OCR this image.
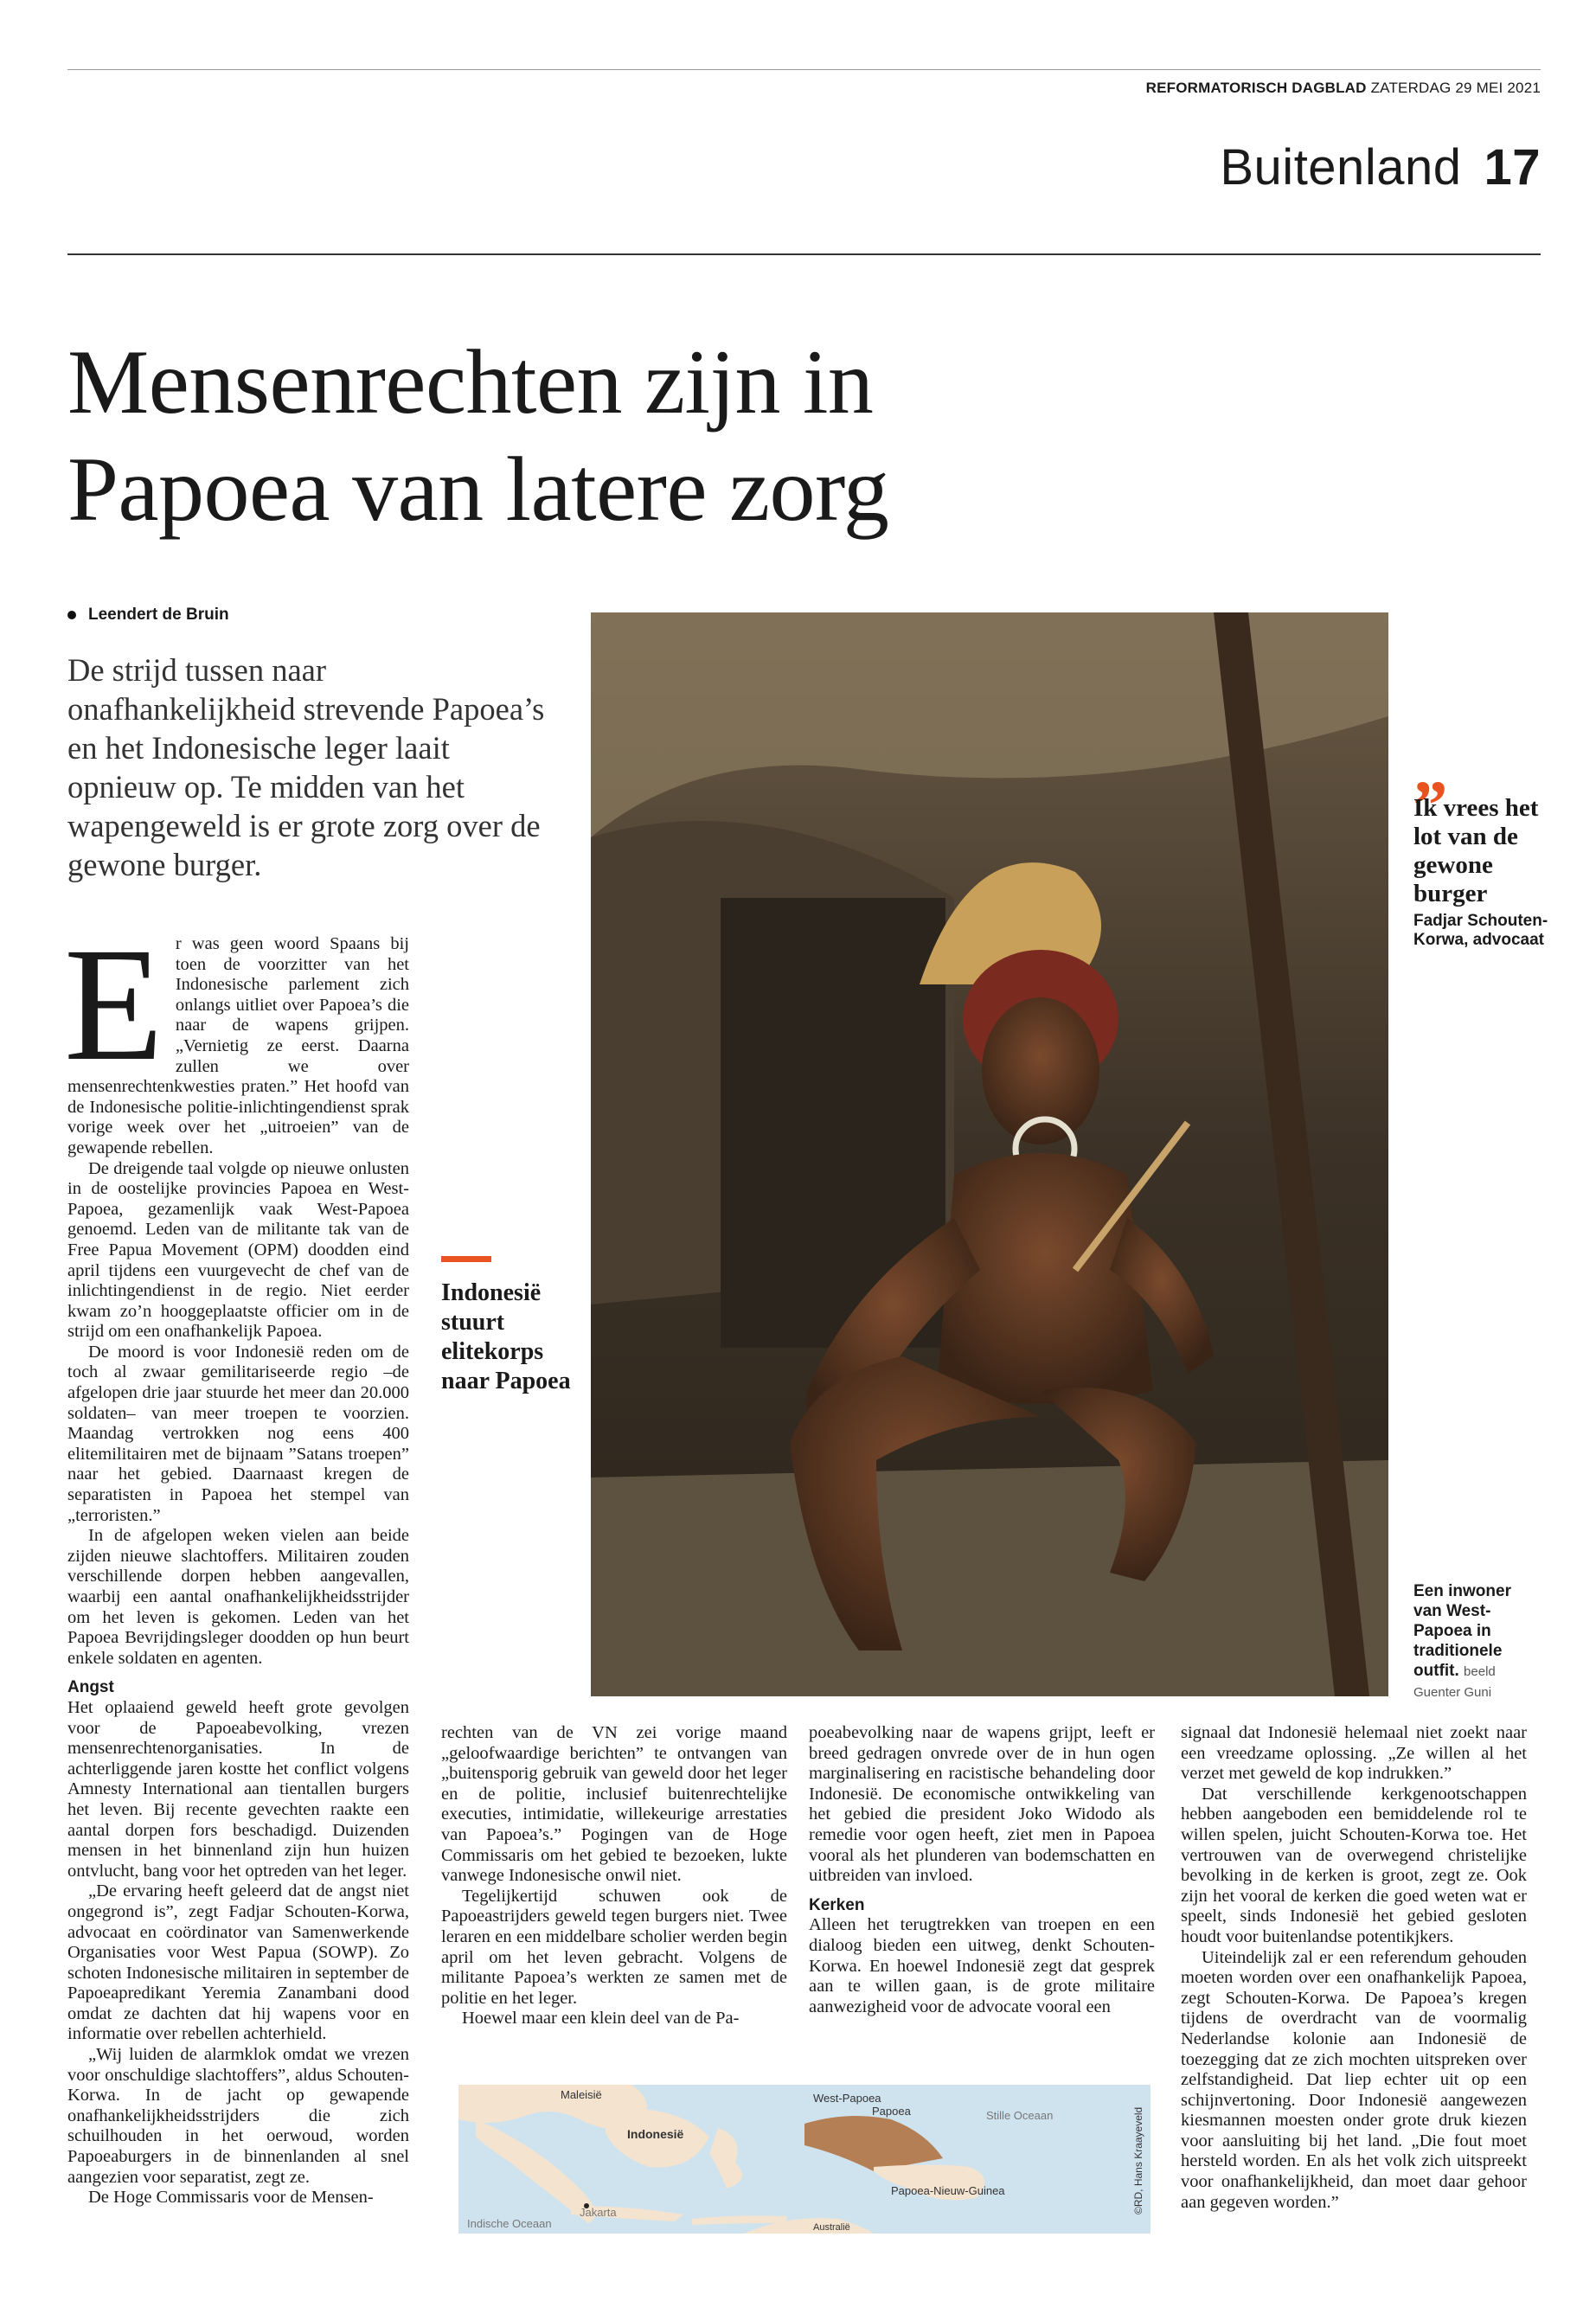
REFORMATORISCH DAGBLAD ZATERDAG 29 MEI 2021
Buitenland 17
Mensenrechten zijn in
Papoea van latere zorg
Leendert de Bruin
De strijd tussen naar onafhankelijkheid strevende Papoea’s en het Indonesische leger laait opnieuw op. Te midden van het wapengeweld is er grote zorg over de gewone burger.
E r was geen woord Spaans bij toen de voorzitter van het Indonesische parlement zich onlangs uitliet over Papoea’s die naar de wapens grijpen. „Vernietig ze eerst. Daarna zullen we over mensenrechtenkwesties praten.” Het hoofd van de Indonesische politie-inlichtingendienst sprak vorige week over het „uitroeien” van de gewapende rebellen.

De dreigende taal volgde op nieuwe onlusten in de oostelijke provincies Papoea en West-Papoea, gezamenlijk vaak West-Papoea genoemd. Leden van de militante tak van de Free Papua Movement (OPM) doodden eind april tijdens een vuurgevecht de chef van de inlichtingendienst in de regio. Niet eerder kwam zo’n hooggeplaatste officier om in de strijd om een onafhankelijk Papoea.

De moord is voor Indonesië reden om de toch al zwaar gemilitariseerde regio –de afgelopen drie jaar stuurde het meer dan 20.000 soldaten– van meer troepen te voorzien. Maandag vertrokken nog eens 400 elitemilitairen met de bijnaam ”Satans troepen” naar het gebied. Daarnaast kregen de separatisten in Papoea het stempel van „terroristen.”

In de afgelopen weken vielen aan beide zijden nieuwe slachtoffers. Militairen zouden verschillende dorpen hebben aangevallen, waarbij een aantal onafhankelijkheidsstrijder om het leven is gekomen. Leden van het Papoea Bevrijdingsleger doodden op hun beurt enkele soldaten en agenten.

Angst

Het oplaaiend geweld heeft grote gevolgen voor de Papoeabevolking, vrezen mensenrechtenorganisaties. In de achterliggende jaren kostte het conflict volgens Amnesty International aan tientallen burgers het leven. Bij recente gevechten raakte een aantal dorpen fors beschadigd. Duizenden mensen in het binnenland zijn hun huizen ontvlucht, bang voor het optreden van het leger.

„De ervaring heeft geleerd dat de angst niet ongegrond is”, zegt Fadjar Schouten-Korwa, advocaat en coördinator van Samenwerkende Organisaties voor West Papua (SOWP). Zo schoten Indonesische militairen in september de Papoeapredikant Yeremia Zanambani dood omdat ze dachten dat hij wapens voor en informatie over rebellen achterhield.

„Wij luiden de alarmklok omdat we vrezen voor onschuldige slachtoffers”, aldus Schouten-Korwa. In de jacht op gewapende onafhankelijkheidsstrijders die zich schuilhouden in het oerwoud, worden Papoeaburgers in de binnenlanden al snel aangezien voor separatist, zegt ze.

De Hoge Commissaris voor de Mensen-

Indonesië stuurt elitekorps naar Papoea
„
Ik vrees het lot van de gewone burger
Fadjar Schouten-Korwa, advocaat
Een inwoner van West-Papoea in traditionele outfit. beeld Guenter Guni

rechten van de VN zei vorige maand „geloofwaardige berichten” te ontvangen van „buitensporig gebruik van geweld door het leger en de politie, inclusief buitenrechtelijke executies, intimidatie, willekeurige arrestaties van Papoea’s.” Pogingen van de Hoge Commissaris om het gebied te bezoeken, lukte vanwege Indonesische onwil niet.

Tegelijkertijd schuwen ook de Papoeastrijders geweld tegen burgers niet. Twee leraren en een middelbare scholier werden begin april om het leven gebracht. Volgens de militante Papoea’s werkten ze samen met de politie en het leger.

Hoewel maar een klein deel van de Pa-

poeabevolking naar de wapens grijpt, leeft er breed gedragen onvrede over de in hun ogen marginalisering en racistische behandeling door Indonesië. De economische ontwikkeling van het gebied die president Joko Widodo als remedie voor ogen heeft, ziet men in Papoea vooral als het plunderen van bodemschatten en uitbreiden van invloed.

Kerken

Alleen het terugtrekken van troepen en een dialoog bieden een uitweg, denkt Schouten-Korwa. En hoewel Indonesië zegt dat gesprek aan te willen gaan, is de grote militaire aanwezigheid voor de advocate vooral een

signaal dat Indonesië helemaal niet zoekt naar een vreedzame oplossing. „Ze willen al het verzet met geweld de kop indrukken.”

Dat verschillende kerkgenootschappen hebben aangeboden een bemiddelende rol te willen spelen, juicht Schouten-Korwa toe. Het vertrouwen van de overwegend christelijke bevolking in de kerken is groot, zegt ze. Ook zijn het vooral de kerken die goed weten wat er speelt, sinds Indonesië het gebied gesloten houdt voor buitenlandse potentikjkers.

Uiteindelijk zal er een referendum gehouden moeten worden over een onafhankelijk Papoea, zegt Schouten-Korwa. De Papoea’s kregen tijdens de overdracht van de voormalig Nederlandse kolonie aan Indonesië de toezegging dat ze zich mochten uitspreken over zelfstandigheid. Dat liep echter uit op een schijnvertoning. Door Indonesië aangewezen kiesmannen moesten onder grote druk kiezen voor aansluiting bij het land. „Die fout moet hersteld worden. En als het volk zich uitspreekt voor onafhankelijkheid, dan moet daar gehoor aan gegeven worden.”

Maleisië
Indonesië
Jakarta
West-Papoea
Papoea	Stille Oceaan
Papoea-Nieuw-Guinea
Indische Oceaan	Australië
©RD, Hans Kraayeveld
